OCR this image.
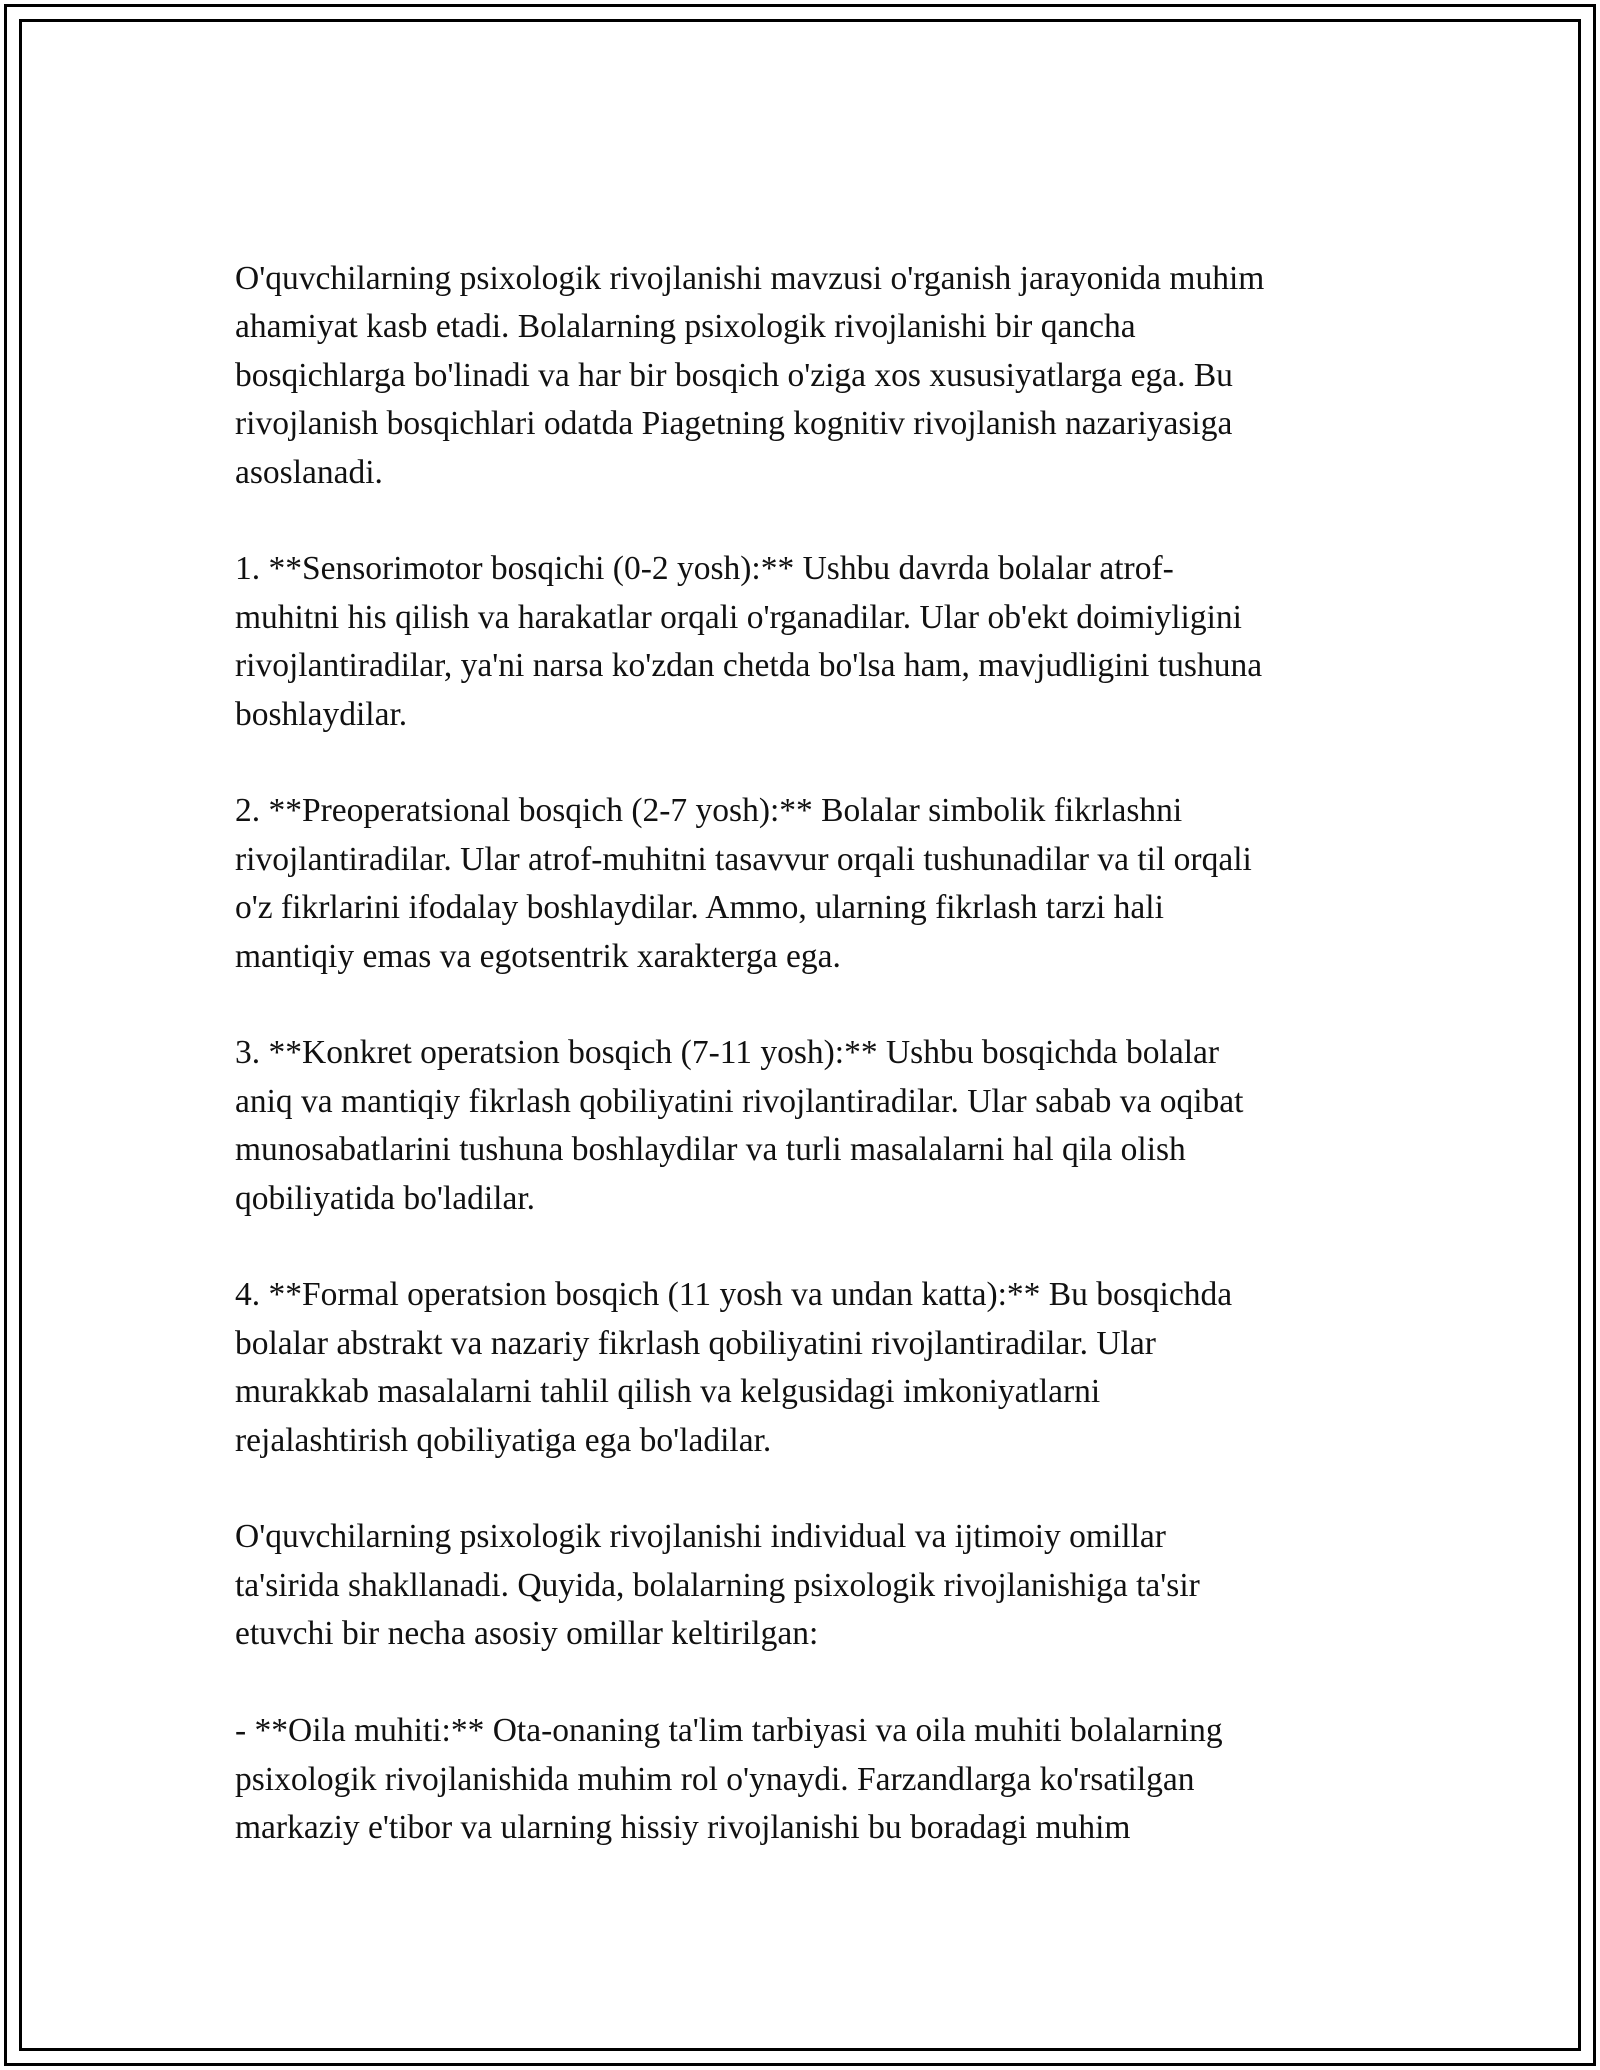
O'quvchilarning psixologik rivojlanishi mavzusi o'rganish jarayonida muhim
ahamiyat kasb etadi. Bolalarning psixologik rivojlanishi bir qancha
bosqichlarga bo'linadi va har bir bosqich o'ziga xos xususiyatlarga ega. Bu
rivojlanish bosqichlari odatda Piagetning kognitiv rivojlanish nazariyasiga
asoslanadi.
1. **Sensorimotor bosqichi (0-2 yosh):** Ushbu davrda bolalar atrof-
muhitni his qilish va harakatlar orqali o'rganadilar. Ular ob'ekt doimiyligini
rivojlantiradilar, ya'ni narsa ko'zdan chetda bo'lsa ham, mavjudligini tushuna
boshlaydilar.
2. **Preoperatsional bosqich (2-7 yosh):** Bolalar simbolik fikrlashni
rivojlantiradilar. Ular atrof-muhitni tasavvur orqali tushunadilar va til orqali
o'z fikrlarini ifodalay boshlaydilar. Ammo, ularning fikrlash tarzi hali
mantiqiy emas va egotsentrik xarakterga ega.
3. **Konkret operatsion bosqich (7-11 yosh):** Ushbu bosqichda bolalar
aniq va mantiqiy fikrlash qobiliyatini rivojlantiradilar. Ular sabab va oqibat
munosabatlarini tushuna boshlaydilar va turli masalalarni hal qila olish
qobiliyatida bo'ladilar.
4. **Formal operatsion bosqich (11 yosh va undan katta):** Bu bosqichda
bolalar abstrakt va nazariy fikrlash qobiliyatini rivojlantiradilar. Ular
murakkab masalalarni tahlil qilish va kelgusidagi imkoniyatlarni
rejalashtirish qobiliyatiga ega bo'ladilar.
O'quvchilarning psixologik rivojlanishi individual va ijtimoiy omillar
ta'sirida shakllanadi. Quyida, bolalarning psixologik rivojlanishiga ta'sir
etuvchi bir necha asosiy omillar keltirilgan:
- **Oila muhiti:** Ota-onaning ta'lim tarbiyasi va oila muhiti bolalarning
psixologik rivojlanishida muhim rol o'ynaydi. Farzandlarga ko'rsatilgan
markaziy e'tibor va ularning hissiy rivojlanishi bu boradagi muhim
